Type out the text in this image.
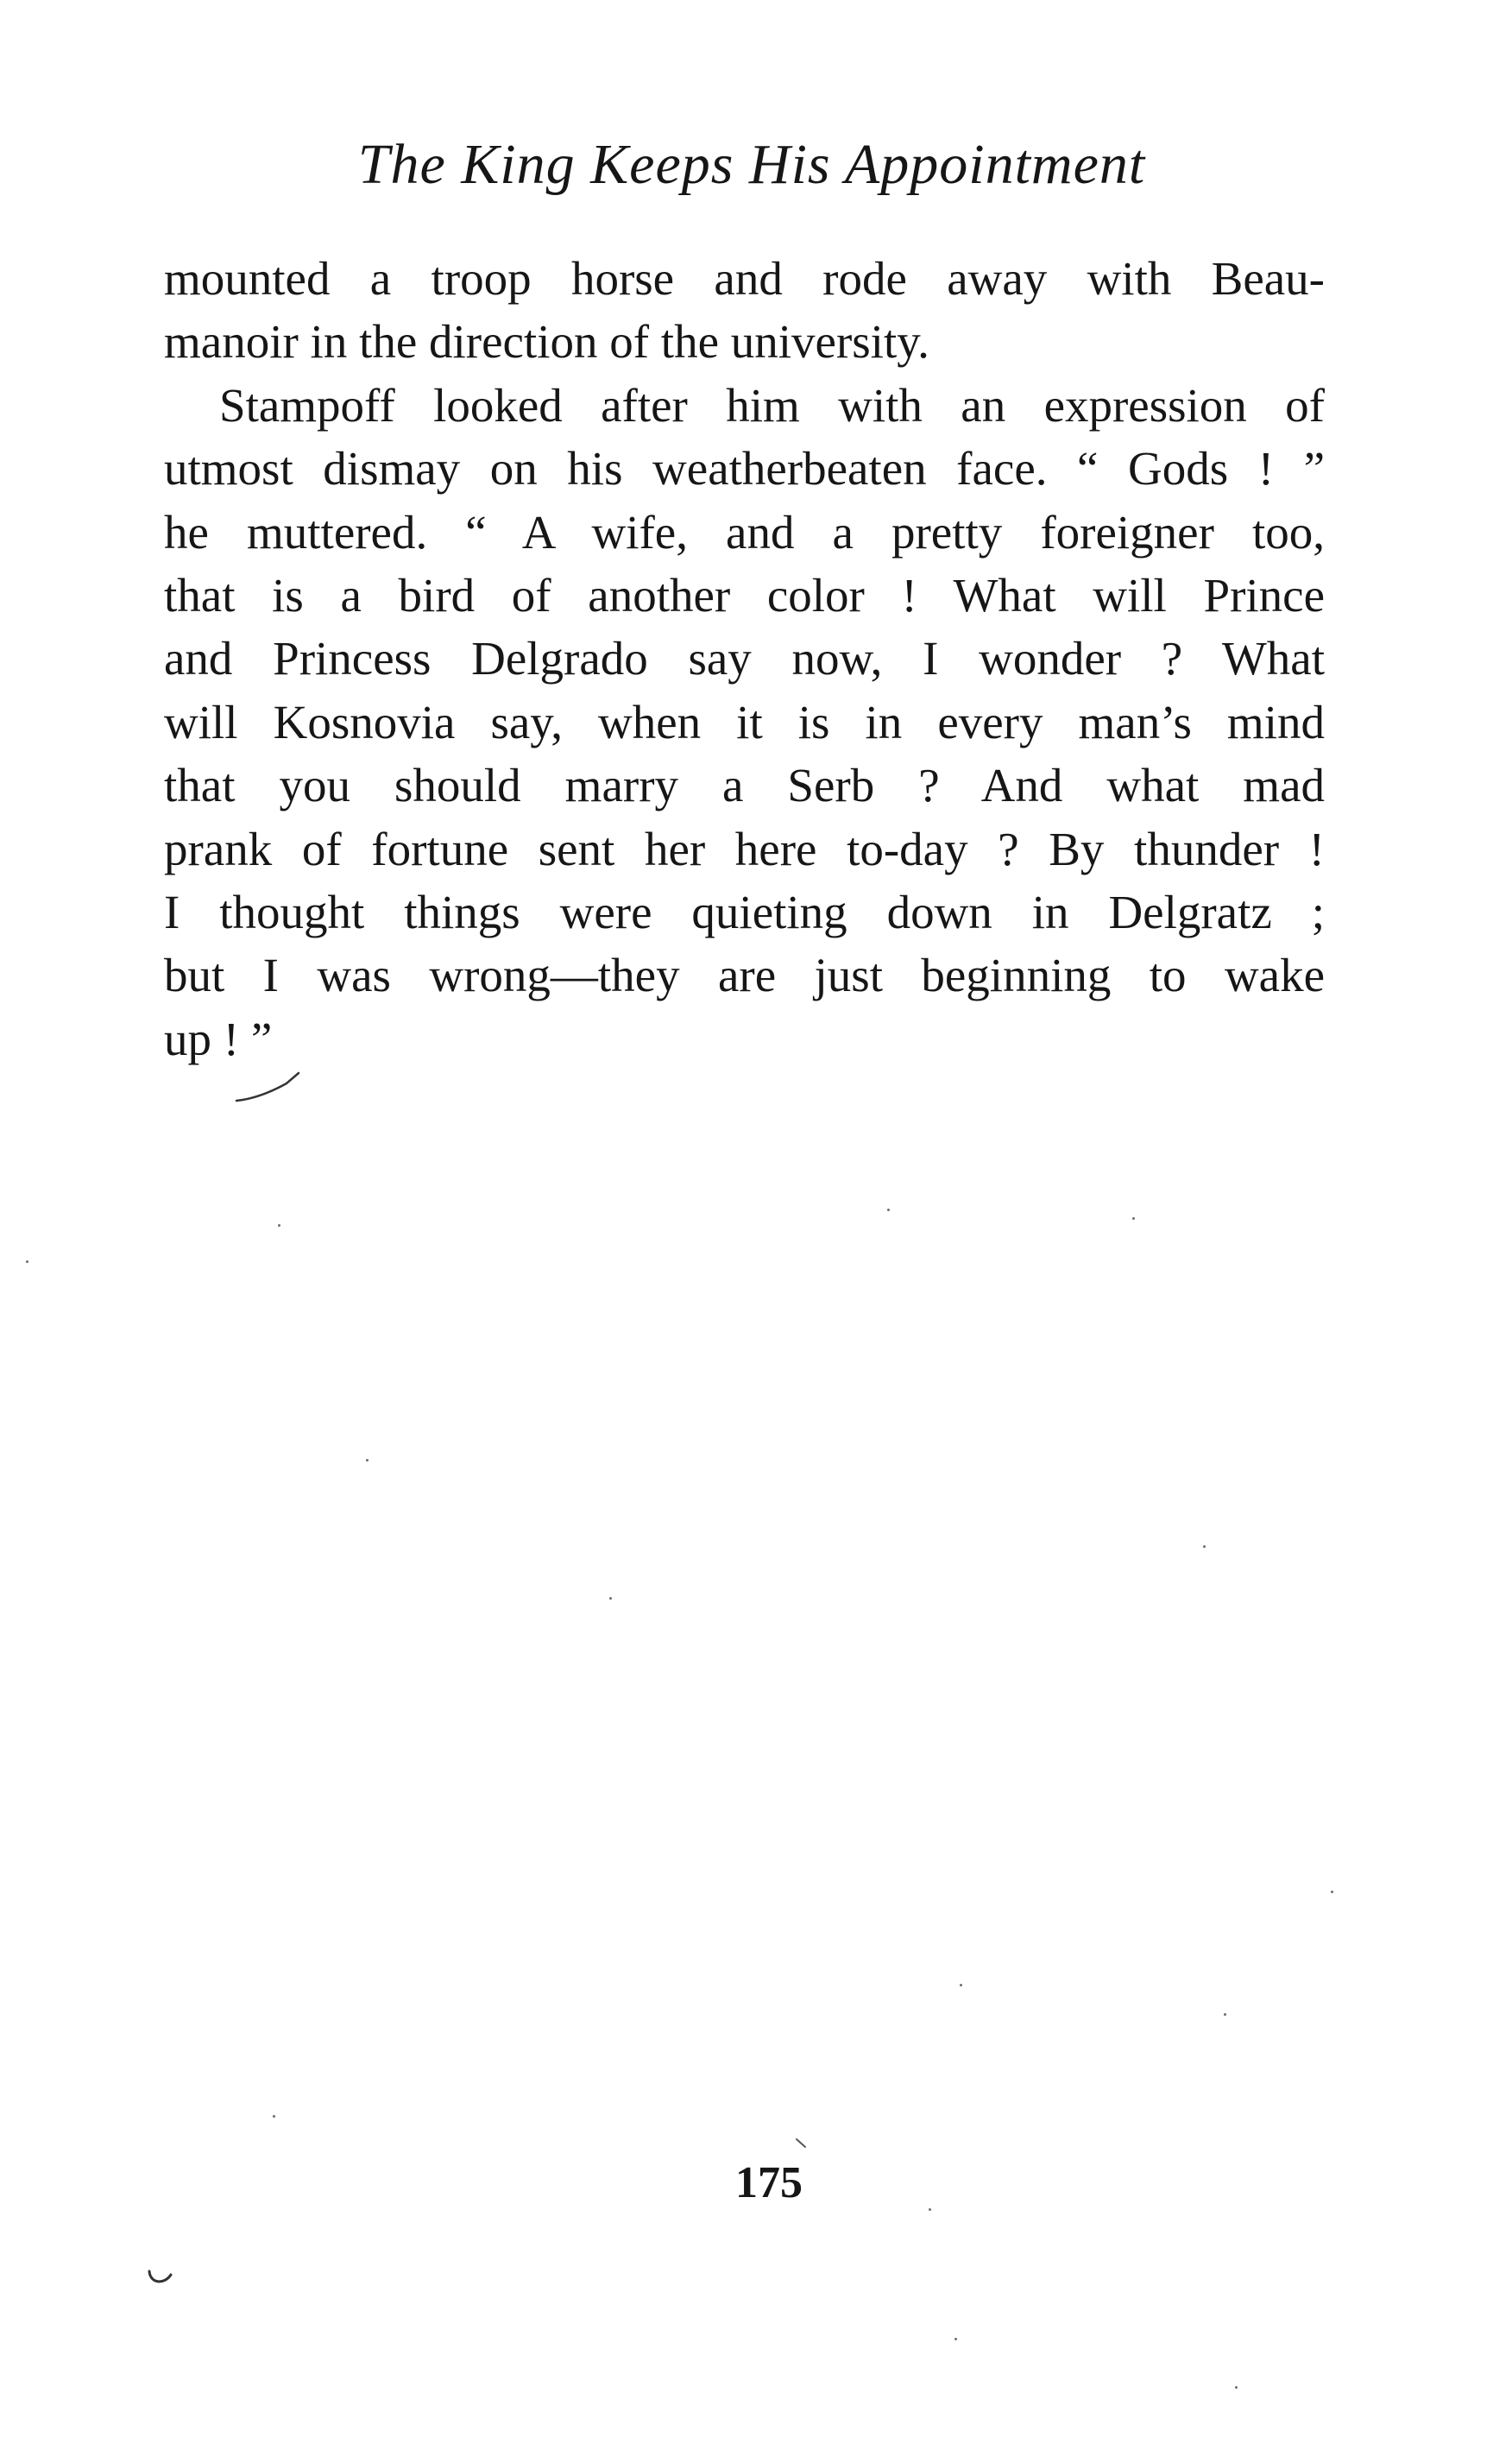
The King Keeps His Appointment
mounted a troop horse and rode away with Beau-
manoir in the direction of the university.
Stampoff looked after him with an expression of
utmost dismay on his weatherbeaten face. “ Gods ! ”
he muttered. “ A wife, and a pretty foreigner too,
that is a bird of another color ! What will Prince
and Princess Delgrado say now, I wonder ? What
will Kosnovia say, when it is in every man’s mind
that you should marry a Serb ? And what mad
prank of fortune sent her here to-day ? By thunder !
I thought things were quieting down in Delgratz ;
but I was wrong—they are just beginning to wake
up ! ”
175
